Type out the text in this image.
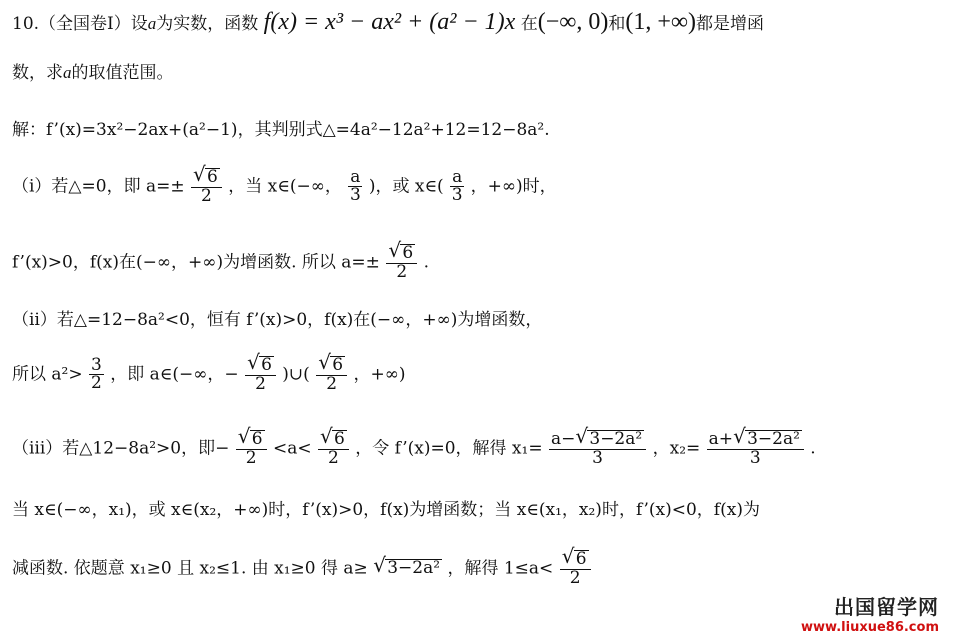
10.（全国卷Ⅰ）设a为实数，函数 f(x) = x³ − ax² + (a² − 1)x 在(−∞, 0)和(1, +∞)都是增函
数，求a的取值范围。
解：f’(x)=3x²−2ax+(a²−1)，其判别式△=4a²−12a²+12=12−8a².
（ⅰ）若△=0，即 $a=\pm \frac{√ 6}{2}$ ，当 x∈(−∞， $\frac{a}{3}$ )，或 x∈( $\frac{a}{3}$ ，+∞)时，
f’(x)>0，f(x)在(−∞，+∞)为增函数. 所以 $a=\pm \frac{√ 6}{2}$ .
（ⅱ）若△=12−8a²<0，恒有 f’(x)>0，f(x)在(−∞，+∞)为增函数，
所以 $a^2> \frac{3}{2}$ ，即 a∈(−∞，− $\frac{√ 6}{2}$ )∪( $\frac{√ 6}{2}$ ，+∞)
（ⅲ）若△12−8a²>0，即− $\frac{√ 6}{2} <a< \frac{√ 6}{2}$ ，令 f’(x)=0，解得 $x_1= \frac{\text{a− √ 3−2a²}}{3}$ ，$x_2= \frac{\text{a+ √ 3−2a²}}{3}$ .
当 x∈(−∞，x₁)，或 x∈(x₂，+∞)时，f’(x)>0，f(x)为增函数；当 x∈(x₁，x₂)时，f’(x)<0，f(x)为
减函数. 依题意 x₁≥0 且 x₂≤1. 由 x₁≥0 得 a≥ √ 3−2a² ，解得 $1\le a< \frac{√ 6}{2}$
出国留学网
www.liuxue86.com
